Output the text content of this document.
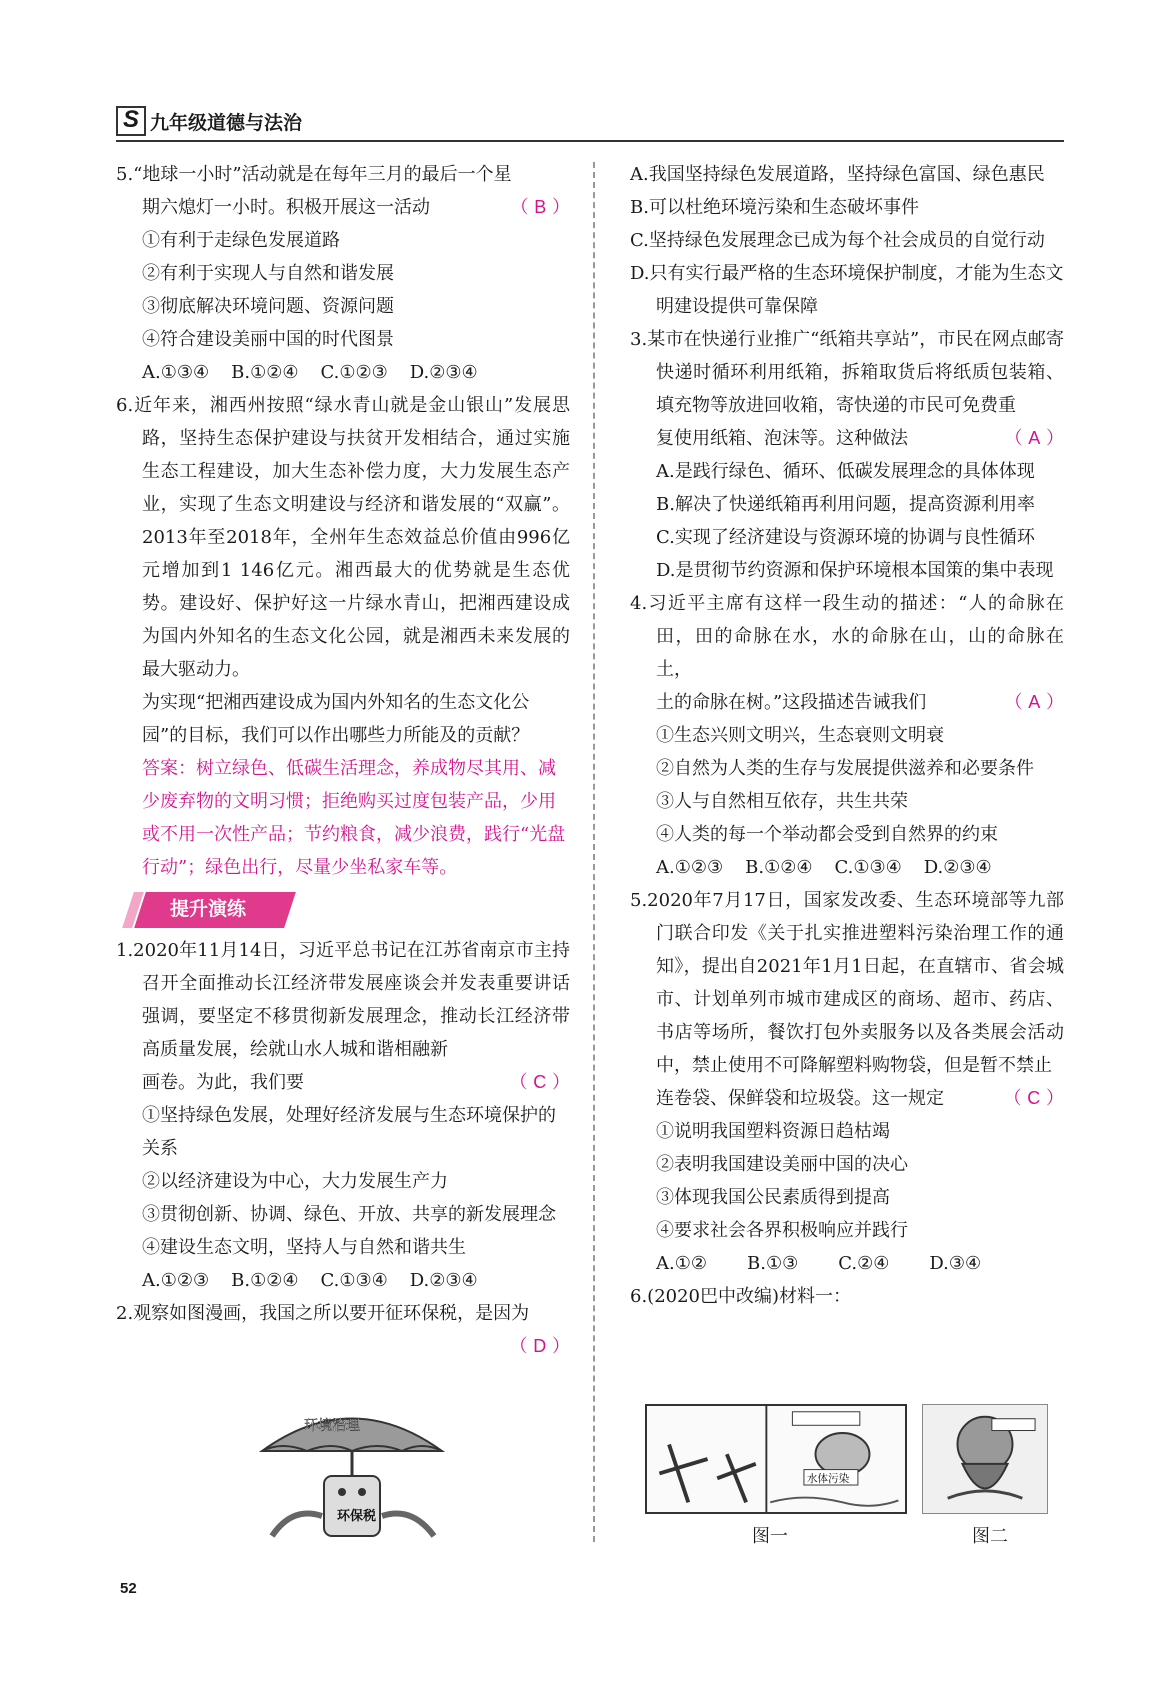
S 九年级道德与法治

5.“地球一小时”活动就是在每年三月的最后一个星

期六熄灯一小时。积极开展这一活动	（ B ）

①有利于走绿色发展道路

②有利于实现人与自然和谐发展

③彻底解决环境问题、资源问题

④符合建设美丽中国的时代图景

A.①③④ B.①②④ C.①②③ D.②③④

6.近年来，湘西州按照“绿水青山就是金山银山”发展思路，坚持生态保护建设与扶贫开发相结合，通过实施生态工程建设，加大生态补偿力度，大力发展生态产业，实现了生态文明建设与经济和谐发展的“双赢”。2013年至2018年，全州年生态效益总价值由996亿元增加到1 146亿元。湘西最大的优势就是生态优势。建设好、保护好这一片绿水青山，把湘西建设成为国内外知名的生态文化公园，就是湘西未来发展的最大驱动力。

为实现“把湘西建设成为国内外知名的生态文化公园”的目标，我们可以作出哪些力所能及的贡献？

答案：树立绿色、低碳生活理念，养成物尽其用、减少废弃物的文明习惯；拒绝购买过度包装产品，少用或不用一次性产品；节约粮食，减少浪费，践行“光盘行动”；绿色出行，尽量少坐私家车等。

提升演练

1.2020年11月14日，习近平总书记在江苏省南京市主持召开全面推动长江经济带发展座谈会并发表重要讲话强调，要坚定不移贯彻新发展理念，推动长江经济带高质量发展，绘就山水人城和谐相融新

画卷。为此，我们要	（ C ）

①坚持绿色发展，处理好经济发展与生态环境保护的关系

②以经济建设为中心，大力发展生产力

③贯彻创新、协调、绿色、开放、共享的新发展理念

④建设生态文明，坚持人与自然和谐共生

A.①②③ B.①②④ C.①③④ D.②③④

2.观察如图漫画，我国之所以要开征环保税，是因为

（ D ）
环境治理
环保税

A.我国坚持绿色发展道路，坚持绿色富国、绿色惠民

B.可以杜绝环境污染和生态破坏事件

C.坚持绿色发展理念已成为每个社会成员的自觉行动

D.只有实行最严格的生态环境保护制度，才能为生态文明建设提供可靠保障

3.某市在快递行业推广“纸箱共享站”，市民在网点邮寄快递时循环利用纸箱，拆箱取货后将纸质包装箱、填充物等放进回收箱，寄快递的市民可免费重

复使用纸箱、泡沫等。这种做法	（ A ）

A.是践行绿色、循环、低碳发展理念的具体体现

B.解决了快递纸箱再利用问题，提高资源利用率

C.实现了经济建设与资源环境的协调与良性循环

D.是贯彻节约资源和保护环境根本国策的集中表现

4.习近平主席有这样一段生动的描述：“人的命脉在田，田的命脉在水，水的命脉在山，山的命脉在土，

土的命脉在树。”这段描述告诫我们	（ A ）

①生态兴则文明兴，生态衰则文明衰

②自然为人类的生存与发展提供滋养和必要条件

③人与自然相互依存，共生共荣

④人类的每一个举动都会受到自然界的约束

A.①②③ B.①②④ C.①③④ D.②③④

5.2020年7月17日，国家发改委、生态环境部等九部门联合印发《关于扎实推进塑料污染治理工作的通知》，提出自2021年1月1日起，在直辖市、省会城市、计划单列市城市建成区的商场、超市、药店、书店等场所，餐饮打包外卖服务以及各类展会活动中，禁止使用不可降解塑料购物袋，但是暂不禁止

连卷袋、保鲜袋和垃圾袋。这一规定	（ C ）

①说明我国塑料资源日趋枯竭

②表明我国建设美丽中国的决心

③体现我国公民素质得到提高

④要求社会各界积极响应并践行

A.①② B.①③ C.②④ D.③④

6.(2020巴中改编)材料一：

水体污染
图一	图二
52
